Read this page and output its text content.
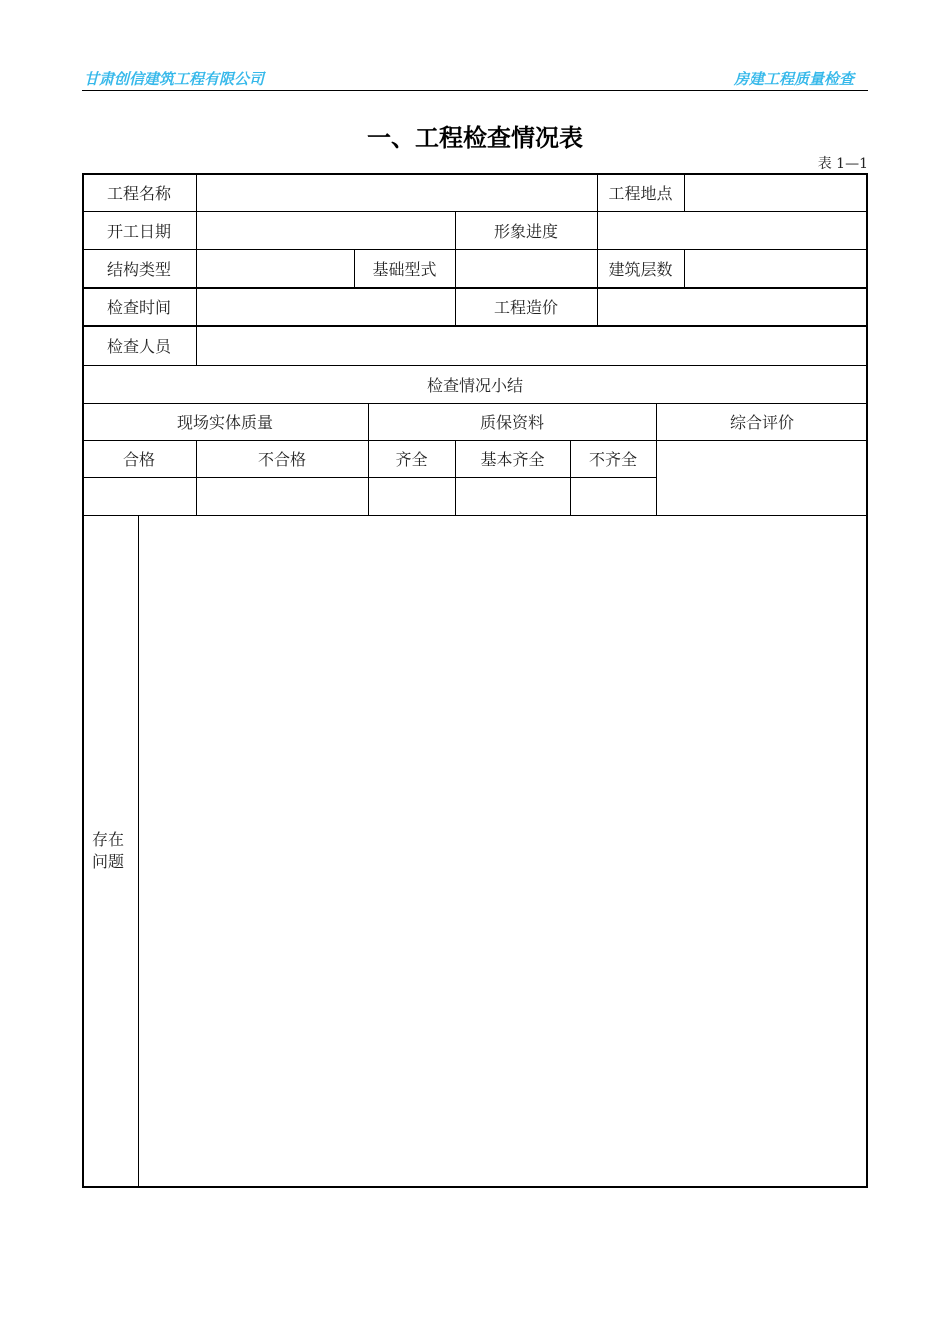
甘肃创信建筑工程有限公司	房建工程质量检查
一、工程检查情况表
表 1—1
工程名称	工程地点
开工日期	形象进度
结构类型	基础型式	建筑层数
检查时间	工程造价
检查人员
检查情况小结
现场实体质量	质保资料	综合评价
合格	不合格	齐全	基本齐全	不齐全
存在
问题
